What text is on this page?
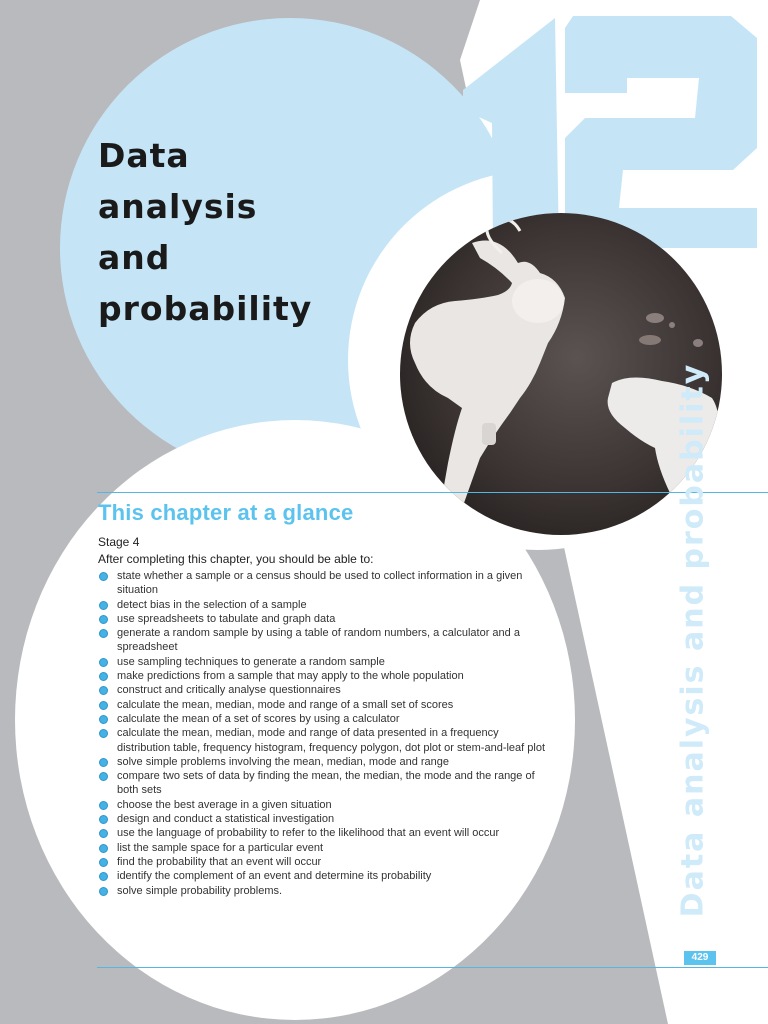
Data
analysis
and
probability
This chapter at a glance
Stage 4
After completing this chapter, you should be able to:
state whether a sample or a census should be used to collect information in a given situation
detect bias in the selection of a sample
use spreadsheets to tabulate and graph data
generate a random sample by using a table of random numbers, a calculator and a spreadsheet
use sampling techniques to generate a random sample
make predictions from a sample that may apply to the whole population
construct and critically analyse questionnaires
calculate the mean, median, mode and range of a small set of scores
calculate the mean of a set of scores by using a calculator
calculate the mean, median, mode and range of data presented in a frequency distribution table, frequency histogram, frequency polygon, dot plot or stem-and-leaf plot
solve simple problems involving the mean, median, mode and range
compare two sets of data by finding the mean, the median, the mode and the range of both sets
choose the best average in a given situation
design and conduct a statistical investigation
use the language of probability to refer to the likelihood that an event will occur
list the sample space for a particular event
find the probability that an event will occur
identify the complement of an event and determine its probability
solve simple probability problems.	Data analysis and probability
429
